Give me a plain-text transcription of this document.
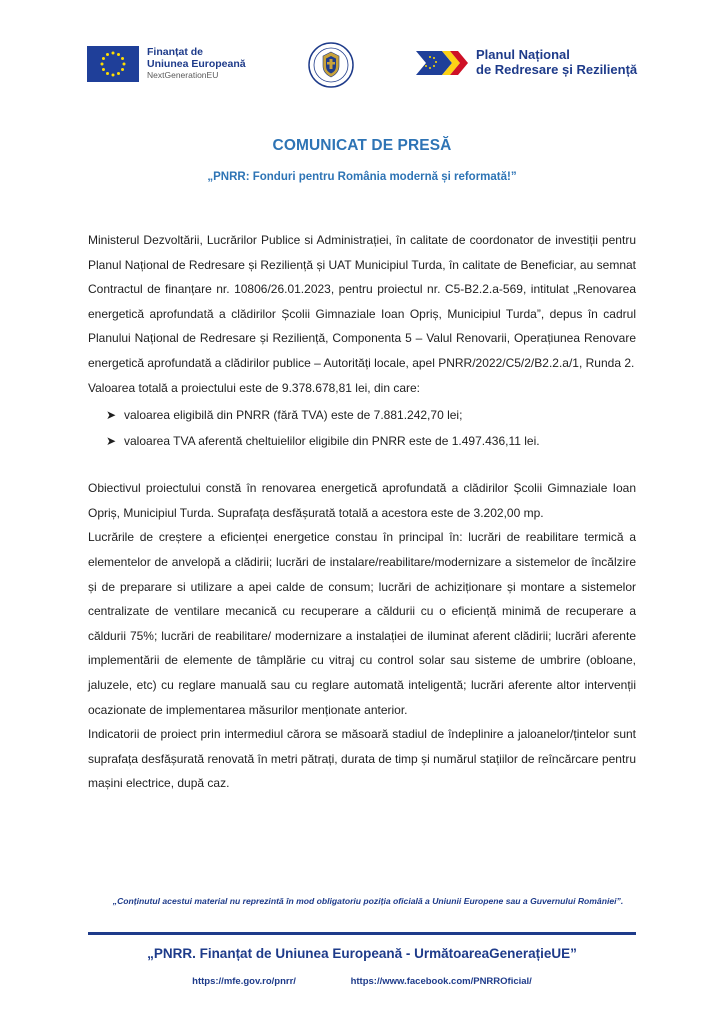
Finanțat de
Uniunea Europeană
NextGenerationEU
Planul Național
de Redresare și Reziliență
COMUNICAT DE PRESĂ
„PNRR: Fonduri pentru România modernă și reformată!”

Ministerul Dezvoltării, Lucrărilor Publice si Administrației, în calitate de coordonator de investiții pentru Planul Național de Redresare și Reziliență și UAT Municipiul Turda, în calitate de Beneficiar, au semnat Contractul de finanțare nr. 10806/26.01.2023, pentru proiectul nr. C5-B2.2.a-569, intitulat „Renovarea energetică aprofundată a clădirilor Școlii Gimnaziale Ioan Opriș, Municipiul Turda”, depus în cadrul Planului Național de Redresare și Reziliență, Componenta 5 – Valul Renovarii, Operațiunea Renovare energetică aprofundată a clădirilor publice – Autorități locale, apel PNRR/2022/C5/2/B2.2.a/1, Runda 2.

Valoarea totală a proiectului este de 9.378.678,81 lei, din care:

➤ valoarea eligibilă din PNRR (fără TVA) este de 7.881.242,70 lei;
➤ valoarea TVA aferentă cheltuielilor eligibile din PNRR este de 1.497.436,11 lei.

Obiectivul proiectului constă în renovarea energetică aprofundată a clădirilor Școlii Gimnaziale Ioan Opriș, Municipiul Turda. Suprafața desfășurată totală a acestora este de 3.202,00 mp.

Lucrările de creștere a eficienței energetice constau în principal în: lucrări de reabilitare termică a elementelor de anvelopă a clădirii; lucrări de instalare/reabilitare/modernizare a sistemelor de încălzire și de preparare si utilizare a apei calde de consum; lucrări de achiziționare și montare a sistemelor centralizate de ventilare mecanică cu recuperare a căldurii cu o eficiență minimă de recuperare a căldurii 75%; lucrări de reabilitare/ modernizare a instalației de iluminat aferent clădirii; lucrări aferente implementării de elemente de tâmplărie cu vitraj cu control solar sau sisteme de umbrire (obloane, jaluzele, etc) cu reglare manuală sau cu reglare automată inteligentă; lucrări aferente altor intervenții ocazionate de implementarea măsurilor menționate anterior.

Indicatorii de proiect prin intermediul cărora se măsoară stadiul de îndeplinire a jaloanelor/țintelor sunt suprafața desfășurată renovată în metri pătrați, durata de timp și numărul stațiilor de reîncărcare pentru mașini electrice, după caz.

„Conținutul acestui material nu reprezintă în mod obligatoriu poziția oficială a Uniunii Europene sau a Guvernului României”.
„PNRR. Finanțat de Uniunea Europeană - UrmătoareaGenerațieUE”
https://mfe.gov.ro/pnrr/	https://www.facebook.com/PNRROficial/
